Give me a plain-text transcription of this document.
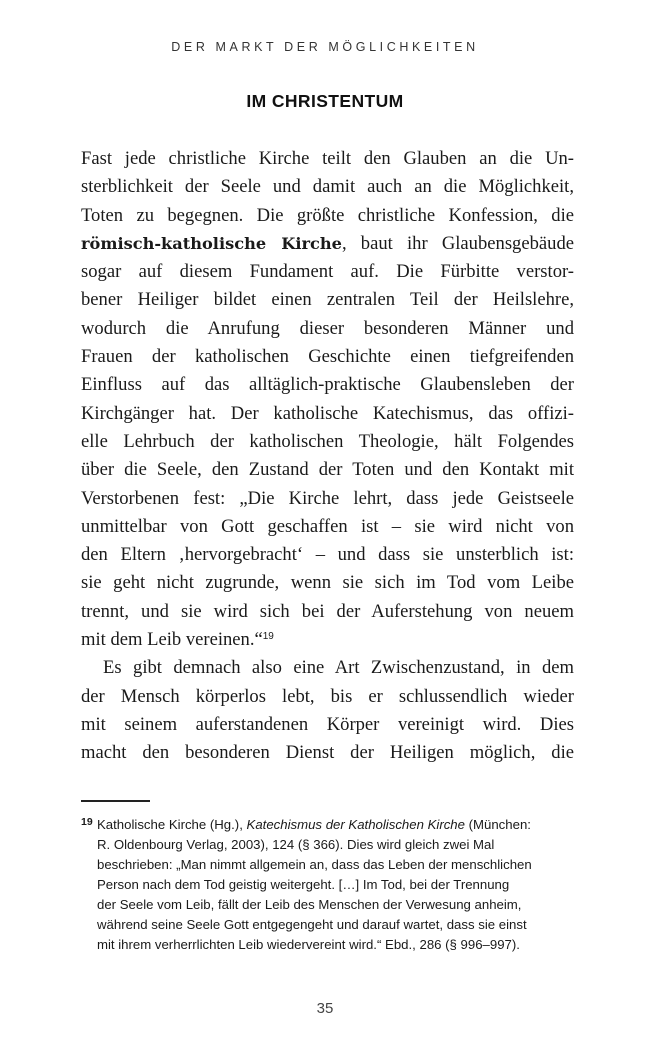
DER MARKT DER MÖGLICHKEITEN
IM CHRISTENTUM
Fast jede christliche Kirche teilt den Glauben an die Un-
sterblichkeit der Seele und damit auch an die Möglichkeit,
Toten zu begegnen. Die größte christliche Konfession, die
römisch-katholische Kirche, baut ihr Glaubensgebäude
sogar auf diesem Fundament auf. Die Fürbitte verstor-
bener Heiliger bildet einen zentralen Teil der Heilslehre,
wodurch die Anrufung dieser besonderen Männer und
Frauen der katholischen Geschichte einen tiefgreifenden
Einfluss auf das alltäglich-praktische Glaubensleben der
Kirchgänger hat. Der katholische Katechismus, das offizi-
elle Lehrbuch der katholischen Theologie, hält Folgendes
über die Seele, den Zustand der Toten und den Kontakt mit
Verstorbenen fest: „Die Kirche lehrt, dass jede Geistseele
unmittelbar von Gott geschaffen ist – sie wird nicht von
den Eltern ‚hervorgebracht‘ – und dass sie unsterblich ist:
sie geht nicht zugrunde, wenn sie sich im Tod vom Leibe
trennt, und sie wird sich bei der Auferstehung von neuem
mit dem Leib vereinen.“$^{19}$
Es gibt demnach also eine Art Zwischenzustand, in dem
der Mensch körperlos lebt, bis er schlussendlich wieder
mit seinem auferstandenen Körper vereinigt wird. Dies
macht den besonderen Dienst der Heiligen möglich, die
19 Katholische Kirche (Hg.), Katechismus der Katholischen Kirche (München:
R. Oldenbourg Verlag, 2003), 124 (§ 366). Dies wird gleich zwei Mal
beschrieben: „Man nimmt allgemein an, dass das Leben der menschlichen
Person nach dem Tod geistig weitergeht. […] Im Tod, bei der Trennung
der Seele vom Leib, fällt der Leib des Menschen der Verwesung anheim,
während seine Seele Gott entgegengeht und darauf wartet, dass sie einst
mit ihrem verherrlichten Leib wiedervereint wird.“ Ebd., 286 (§ 996–997).
35
